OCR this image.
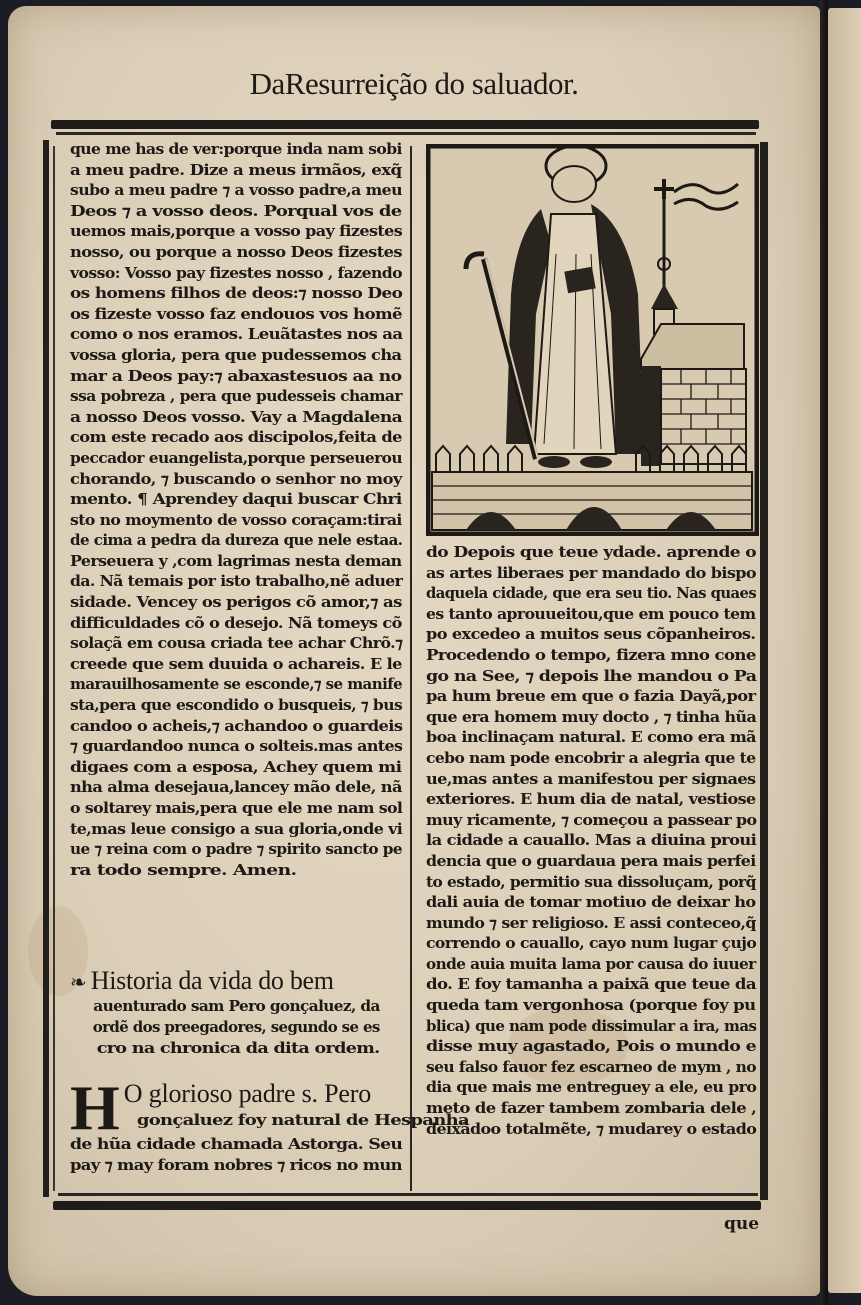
DaResurreição do saluador.
que me has de ver:porque inda nam sobi
a meu padre. Dize a meus irmãos, exq̃
subo a meu padre ⁊ a vosso padre,a meu
Deos ⁊ a vosso deos. Porqual vos de
uemos mais,porque a vosso pay fizestes
nosso, ou porque a nosso Deos fizestes
vosso: Vosso pay fizestes nosso , fazendo
os homens filhos de deos:⁊ nosso Deo
os fizeste vosso faz endouos vos homẽ
como o nos eramos. Leuãtastes nos aa
vossa gloria, pera que pudessemos cha
mar a Deos pay:⁊ abaxastesuos aa no
ssa pobreza , pera que pudesseis chamar
a nosso Deos vosso. Vay a Magdalena
com este recado aos discipolos,feita de
peccador euangelista,porque perseuerou
chorando, ⁊ buscando o senhor no moy
mento. ¶ Aprendey daqui buscar Chri
sto no moymento de vosso coraçam:tirai
de cima a pedra da dureza que nele estaa.
Perseuera y ,com lagrimas nesta deman
da. Nã temais por isto trabalho,nẽ aduer
sidade. Vencey os perigos cõ amor,⁊ as
difficuldades cõ o desejo. Nã tomeys cõ
solaçã em cousa criada tee achar Chrõ.⁊
creede que sem duuida o achareis. E le
marauilhosamente se esconde,⁊ se manife
sta,pera que escondido o busqueis, ⁊ bus
candoo o acheis,⁊ achandoo o guardeis
⁊ guardandoo nunca o solteis.mas antes
digaes com a esposa, Achey quem mi
nha alma desejaua,lancey mão dele, nã
o soltarey mais,pera que ele me nam sol
te,mas leue consigo a sua gloria,onde vi
ue ⁊ reina com o padre ⁊ spirito sancto pe
ra todo sempre. Amen.
❧ Historia da vida do bem
auenturado sam Pero gonçaluez, da
ordẽ dos preegadores, segundo se es
cro na chronica da dita ordem.
H O glorioso padre s. Pero
gonçaluez foy natural de Hespanha
de hũa cidade chamada Astorga. Seu
pay ⁊ may foram nobres ⁊ ricos no mun
do Depois que teue ydade. aprende o
as artes liberaes per mandado do bispo
daquela cidade, que era seu tio. Nas quaes
es tanto aprouueitou,que em pouco tem
po excedeo a muitos seus cõpanheiros.
Procedendo o tempo, fizera mno cone
go na See, ⁊ depois lhe mandou o Pa
pa hum breue em que o fazia Dayã,por
que era homem muy docto , ⁊ tinha hũa
boa inclinaçam natural. E como era mã
cebo nam pode encobrir a alegria que te
ue,mas antes a manifestou per signaes
exteriores. E hum dia de natal, vestiose
muy ricamente, ⁊ começou a passear po
la cidade a cauallo. Mas a diuina proui
dencia que o guardaua pera mais perfei
to estado, permitio sua dissoluçam, porq̃
dali auia de tomar motiuo de deixar ho
mundo ⁊ ser religioso. E assi conteceo,q̃
correndo o cauallo, cayo num lugar çujo
onde auia muita lama por causa do iuuer
do. E foy tamanha a paixã que teue da
queda tam vergonhosa (porque foy pu
blica) que nam pode dissimular a ira, mas
disse muy agastado, Pois o mundo e
seu falso fauor fez escarneo de mym , no
dia que mais me entreguey a ele, eu pro
meto de fazer tambem zombaria dele ,
deixãdoo totalmẽte, ⁊ mudarey o estado
que
